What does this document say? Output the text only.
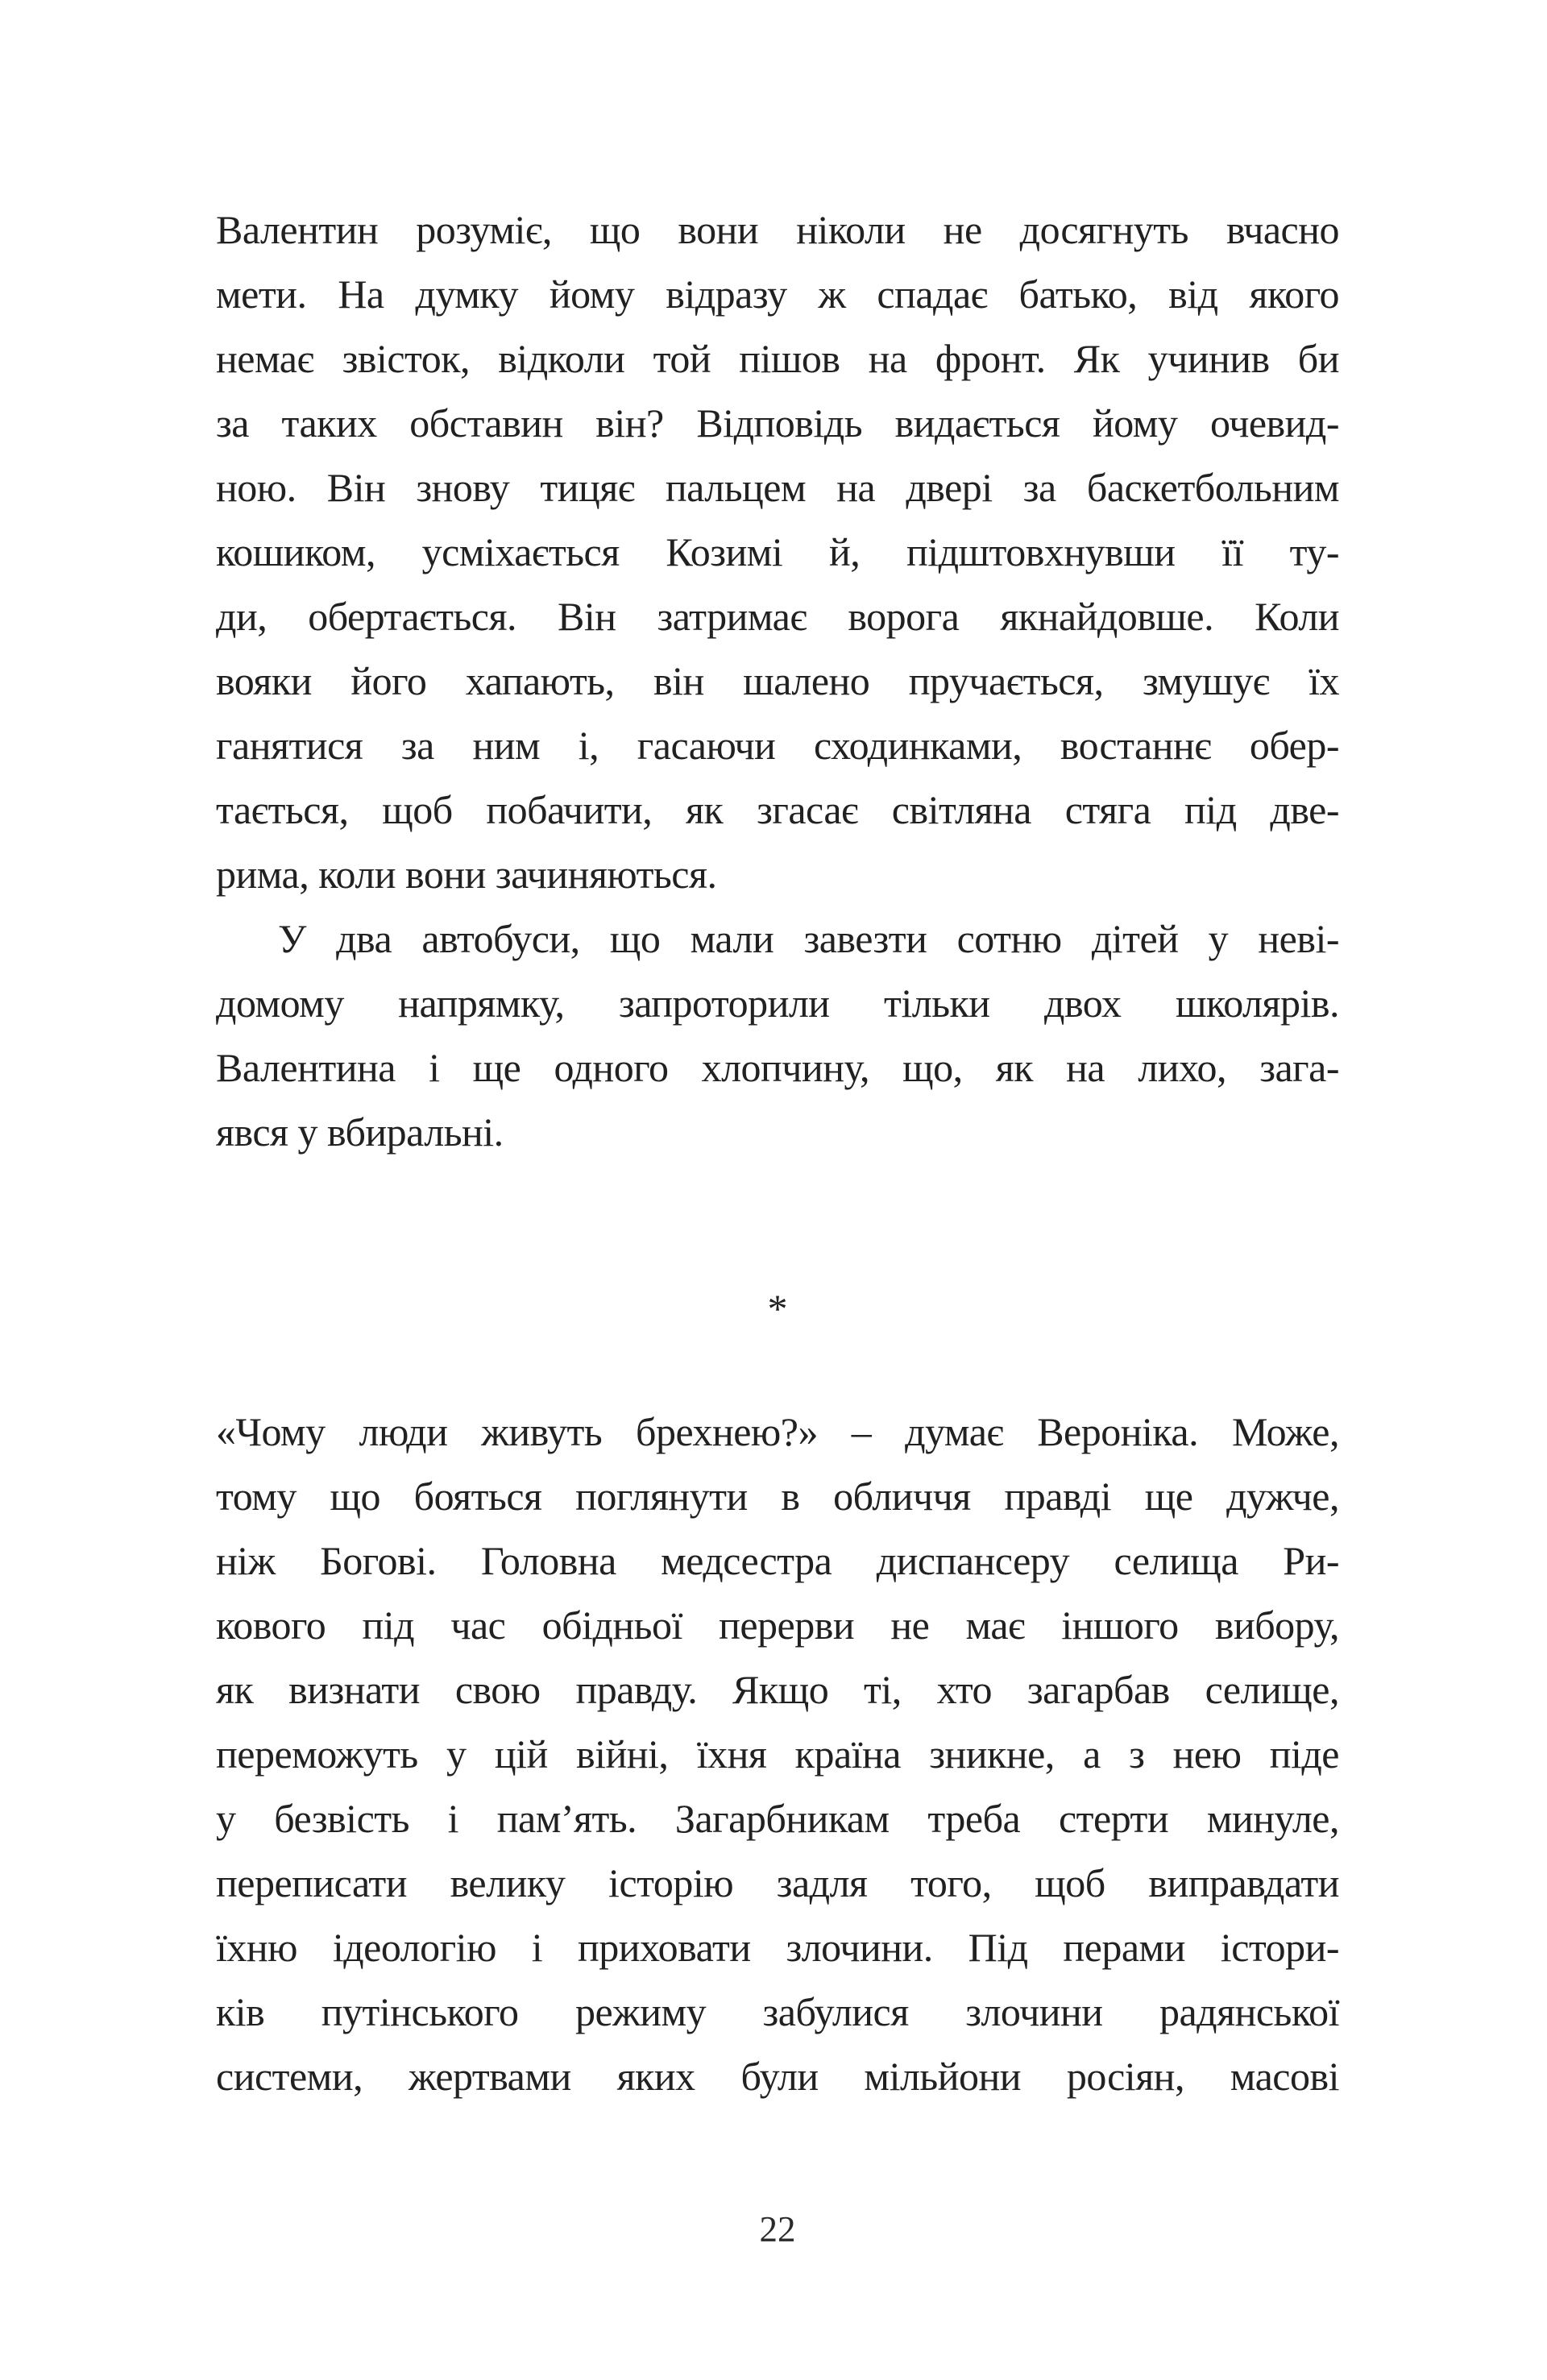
Валентин розуміє, що вони ніколи не досягнуть вчасно
мети. На думку йому відразу ж спадає батько, від якого
немає звісток, відколи той пішов на фронт. Як учинив би
за таких обставин він? Відповідь видається йому очевид-
ною. Він знову тицяє пальцем на двері за баскетбольним
кошиком, усміхається Козимі й, підштовхнувши її ту-
ди, обертається. Він затримає ворога якнайдовше. Коли
вояки його хапають, він шалено пручається, змушує їх
ганятися за ним і, гасаючи сходинками, востаннє обер-
тається, щоб побачити, як згасає світляна стяга під две-
рима, коли вони зачиняються.
У два автобуси, що мали завезти сотню дітей у неві-
домому напрямку, запроторили тільки двох школярів.
Валентина і ще одного хлопчину, що, як на лихо, зага-
явся у вбиральні.
*
«Чому люди живуть брехнею?» – думає Вероніка. Може,
тому що бояться поглянути в обличчя правді ще дужче,
ніж Богові. Головна медсестра диспансеру селища Ри-
кового під час обідньої перерви не має іншого вибору,
як визнати свою правду. Якщо ті, хто загарбав селище,
переможуть у цій війні, їхня країна зникне, а з нею піде
у безвість і пам’ять. Загарбникам треба стерти минуле,
переписати велику історію задля того, щоб виправдати
їхню ідеологію і приховати злочини. Під перами істори-
ків путінського режиму забулися злочини радянської
системи, жертвами яких були мільйони росіян, масові
22
